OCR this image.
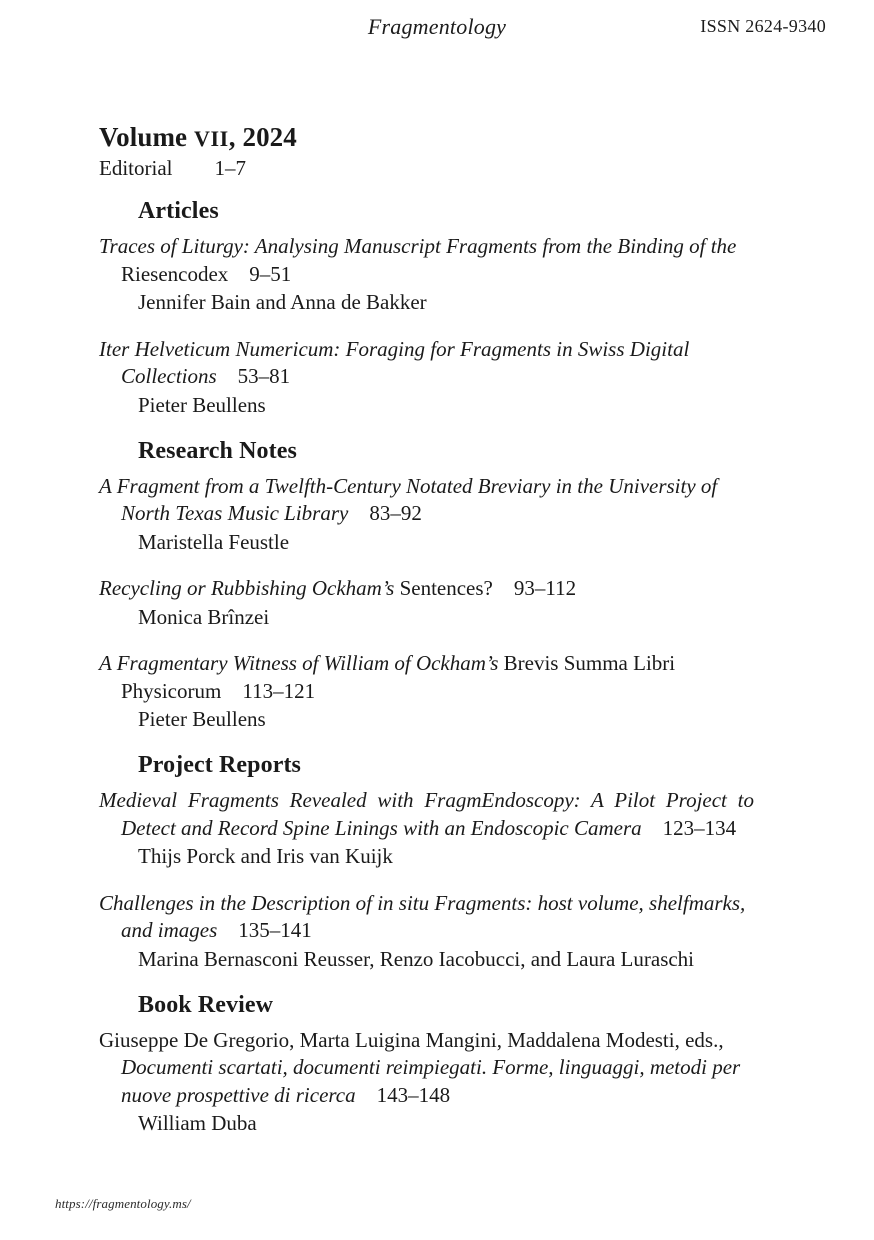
Fragmentology	ISSN 2624-9340
Volume VII, 2024

Editorial        1–7

Articles

Traces of Liturgy: Analysing Manuscript Fragments from the Binding of the Riesencodex 9–51

Jennifer Bain and Anna de Bakker

Iter Helveticum Numericum: Foraging for Fragments in Swiss Digital Collections 53–81

Pieter Beullens

Research Notes

A Fragment from a Twelfth-Century Notated Breviary in the University of North Texas Music Library 83–92

Maristella Feustle

Recycling or Rubbishing Ockham’s Sentences? 93–112

Monica Brînzei

A Fragmentary Witness of William of Ockham’s Brevis Summa Libri Physicorum 113–121

Pieter Beullens

Project Reports

Medieval Fragments Revealed with FragmEndoscopy: A Pilot Project to Detect and Record Spine Linings with an Endoscopic Camera 123–134

Thijs Porck and Iris van Kuijk

Challenges in the Description of in situ Fragments: host volume, shelfmarks, and images 135–141

Marina Bernasconi Reusser, Renzo Iacobucci, and Laura Luraschi

Book Review

Giuseppe De Gregorio, Marta Luigina Mangini, Maddalena Modesti, eds., Documenti scartati, documenti reimpiegati. Forme, linguaggi, metodi per nuove prospettive di ricerca 143–148

William Duba

https://fragmentology.ms/
